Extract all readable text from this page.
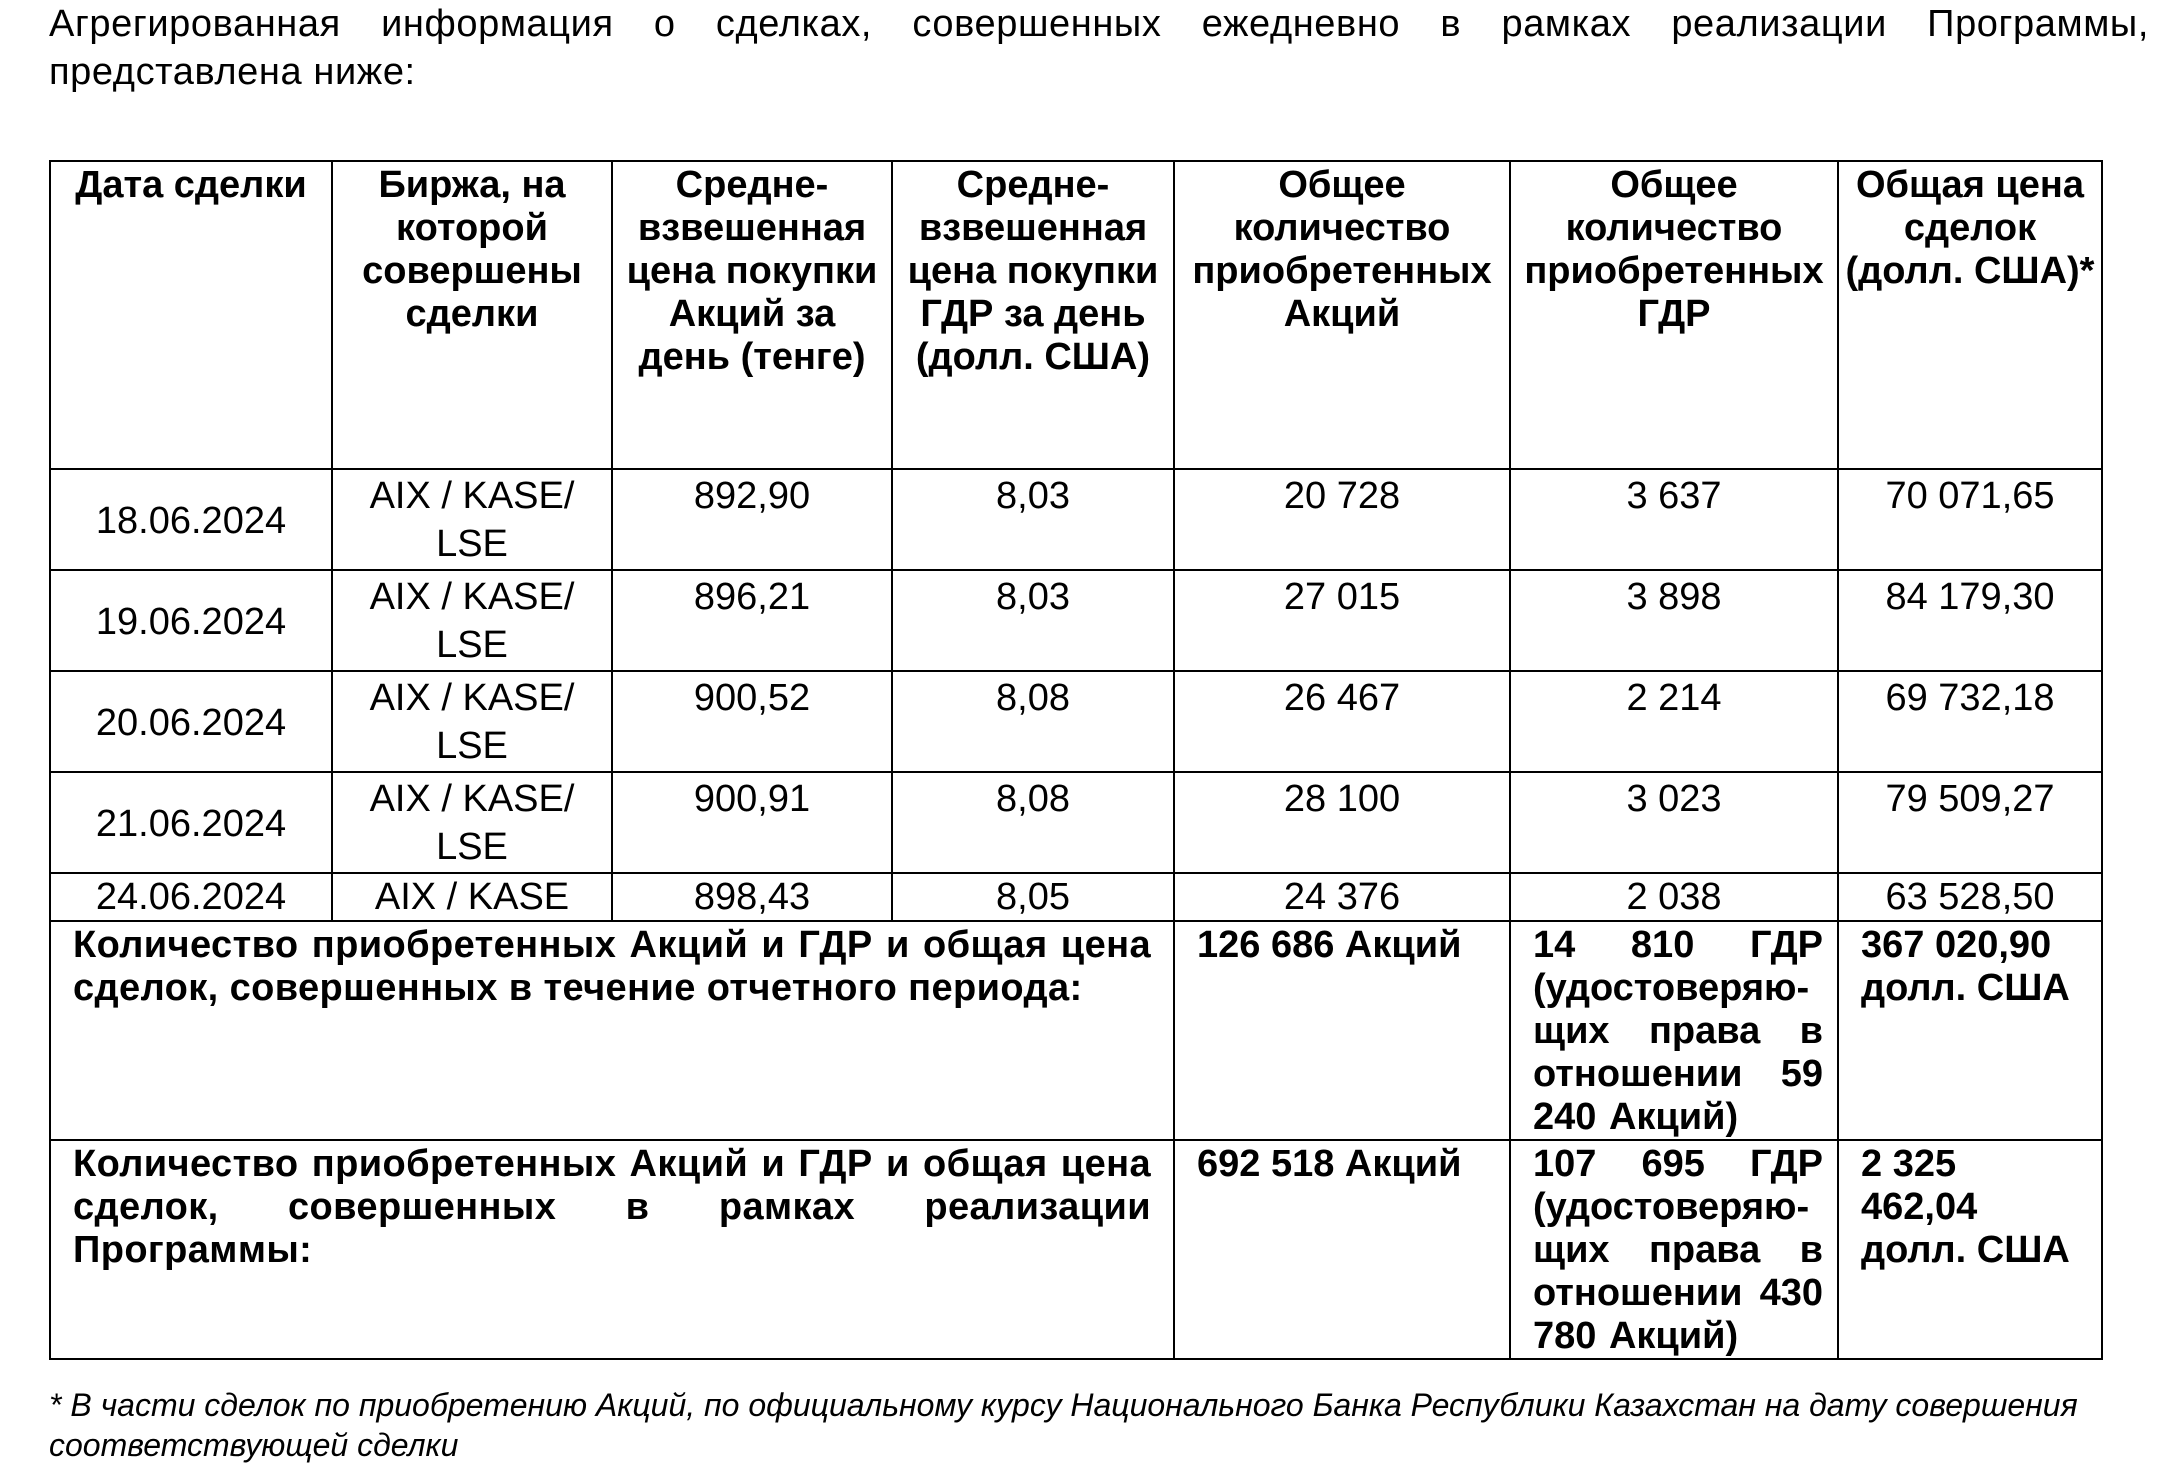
Агрегированная информация о сделках, совершенных ежедневно в рамках реализации Программы, представлена ниже:
Дата сделки	Биржа, на которой совершены сделки	Средне-взвешенная цена покупки Акций за день (тенге)	Средне-взвешенная цена покупки ГДР за день (долл. США)	Общее количество приобретенных Акций	Общее количество приобретенных ГДР	Общая цена сделок (долл. США)*
18.06.2024	AIX / KASE/ LSE	892,90	8,03	20 728	3 637	70 071,65
19.06.2024	AIX / KASE/ LSE	896,21	8,03	27 015	3 898	84 179,30
20.06.2024	AIX / KASE/ LSE	900,52	8,08	26 467	2 214	69 732,18
21.06.2024	AIX / KASE/ LSE	900,91	8,08	28 100	3 023	79 509,27
24.06.2024	AIX / KASE	898,43	8,05	24 376	2 038	63 528,50
Количество приобретенных Акций и ГДР и общая цена сделок, совершенных в течение отчетного периода:				126 686 Акций	14 810 ГДР (удостоверяю-щих права в отношении 59 240 Акций)	367 020,90 долл. США
Количество приобретенных Акций и ГДР и общая цена сделок, совершенных в рамках реализации Программы:				692 518 Акций	107 695 ГДР (удостоверяю-щих права в отношении 430 780 Акций)	2 325 462,04 долл. США
* В части сделок по приобретению Акций, по официальному курсу Национального Банка Республики Казахстан на дату совершения соответствующей сделки
